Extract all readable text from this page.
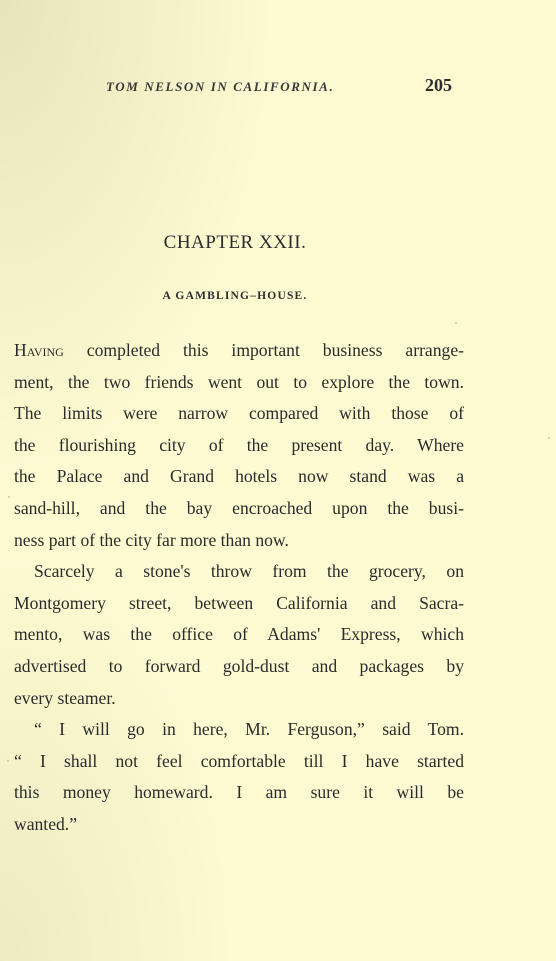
TOM NELSON IN CALIFORNIA.	205
CHAPTER XXII.
A GAMBLING–HOUSE.
Having completed this important business arrange-
ment, the two friends went out to explore the town.
The limits were narrow compared with those of
the flourishing city of the present day. Where
the Palace and Grand hotels now stand was a
sand-hill, and the bay encroached upon the busi-
ness part of the city far more than now.
Scarcely a stone's throw from the grocery, on
Montgomery street, between California and Sacra-
mento, was the office of Adams' Express, which
advertised to forward gold-dust and packages by
every steamer.
“ I will go in here, Mr. Ferguson,” said Tom.
“ I shall not feel comfortable till I have started
this money homeward. I am sure it will be
wanted.”
